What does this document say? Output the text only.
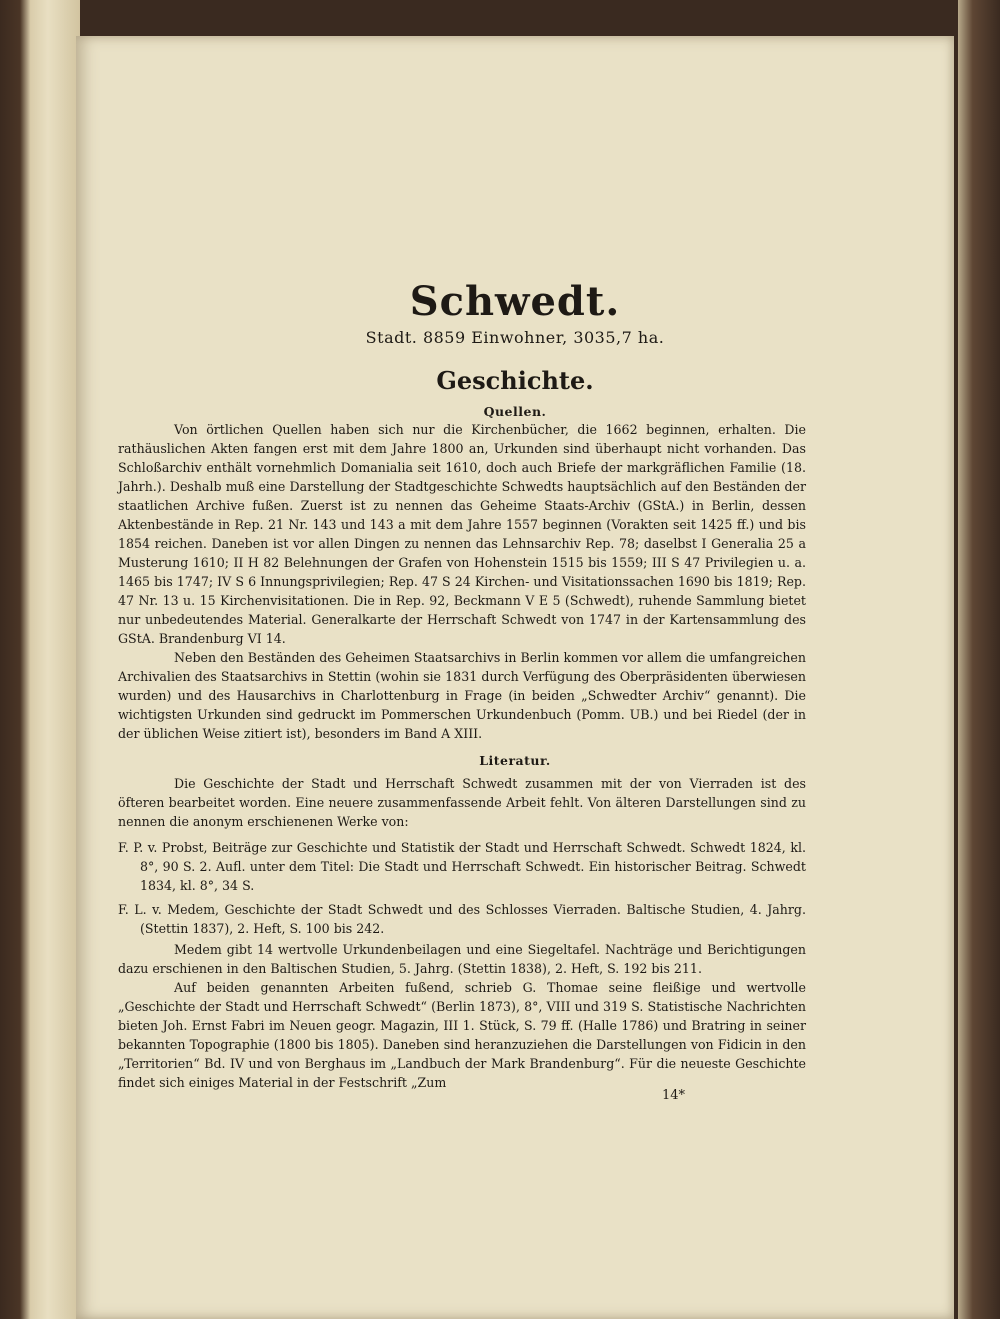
Schwedt.
Stadt. 8859 Einwohner, 3035,7 ha.
Geschichte.
Quellen.

Von örtlichen Quellen haben sich nur die Kirchenbücher, die 1662 beginnen, erhalten. Die rathäuslichen Akten fangen erst mit dem Jahre 1800 an, Urkunden sind überhaupt nicht vorhanden. Das Schloßarchiv enthält vornehmlich Domanialia seit 1610, doch auch Briefe der markgräflichen Familie (18. Jahrh.). Deshalb muß eine Darstellung der Stadtgeschichte Schwedts hauptsächlich auf den Beständen der staatlichen Archive fußen. Zuerst ist zu nennen das Geheime Staats-Archiv (GStA.) in Berlin, dessen Aktenbestände in Rep. 21 Nr. 143 und 143 a mit dem Jahre 1557 beginnen (Vorakten seit 1425 ff.) und bis 1854 reichen. Daneben ist vor allen Dingen zu nennen das Lehnsarchiv Rep. 78; daselbst I Generalia 25 a Musterung 1610; II H 82 Belehnungen der Grafen von Hohenstein 1515 bis 1559; III S 47 Privilegien u. a. 1465 bis 1747; IV S 6 Innungsprivilegien; Rep. 47 S 24 Kirchen- und Visitationssachen 1690 bis 1819; Rep. 47 Nr. 13 u. 15 Kirchenvisitationen. Die in Rep. 92, Beckmann V E 5 (Schwedt), ruhende Sammlung bietet nur unbedeutendes Material. Generalkarte der Herrschaft Schwedt von 1747 in der Kartensammlung des GStA. Brandenburg VI 14.

Neben den Beständen des Geheimen Staatsarchivs in Berlin kommen vor allem die umfangreichen Archivalien des Staatsarchivs in Stettin (wohin sie 1831 durch Verfügung des Oberpräsidenten überwiesen wurden) und des Hausarchivs in Charlottenburg in Frage (in beiden „Schwedter Archiv“ genannt). Die wichtigsten Urkunden sind gedruckt im Pommerschen Urkundenbuch (Pomm. UB.) und bei Riedel (der in der üblichen Weise zitiert ist), besonders im Band A XIII.

Literatur.

Die Geschichte der Stadt und Herrschaft Schwedt zusammen mit der von Vierraden ist des öfteren bearbeitet worden. Eine neuere zusammenfassende Arbeit fehlt. Von älteren Darstellungen sind zu nennen die anonym erschienenen Werke von:

F. P. v. Probst, Beiträge zur Geschichte und Statistik der Stadt und Herrschaft Schwedt. Schwedt 1824, kl. 8°, 90 S. 2. Aufl. unter dem Titel: Die Stadt und Herrschaft Schwedt. Ein historischer Beitrag. Schwedt 1834, kl. 8°, 34 S.

F. L. v. Medem, Geschichte der Stadt Schwedt und des Schlosses Vierraden. Baltische Studien, 4. Jahrg. (Stettin 1837), 2. Heft, S. 100 bis 242.

Medem gibt 14 wertvolle Urkundenbeilagen und eine Siegeltafel. Nachträge und Berichtigungen dazu erschienen in den Baltischen Studien, 5. Jahrg. (Stettin 1838), 2. Heft, S. 192 bis 211.

Auf beiden genannten Arbeiten fußend, schrieb G. Thomae seine fleißige und wertvolle „Geschichte der Stadt und Herrschaft Schwedt“ (Berlin 1873), 8°, VIII und 319 S. Statistische Nachrichten bieten Joh. Ernst Fabri im Neuen geogr. Magazin, III 1. Stück, S. 79 ff. (Halle 1786) und Bratring in seiner bekannten Topographie (1800 bis 1805). Daneben sind heranzuziehen die Darstellungen von Fidicin in den „Territorien“ Bd. IV und von Berghaus im „Landbuch der Mark Brandenburg“. Für die neueste Geschichte findet sich einiges Material in der Festschrift „Zum

14*
